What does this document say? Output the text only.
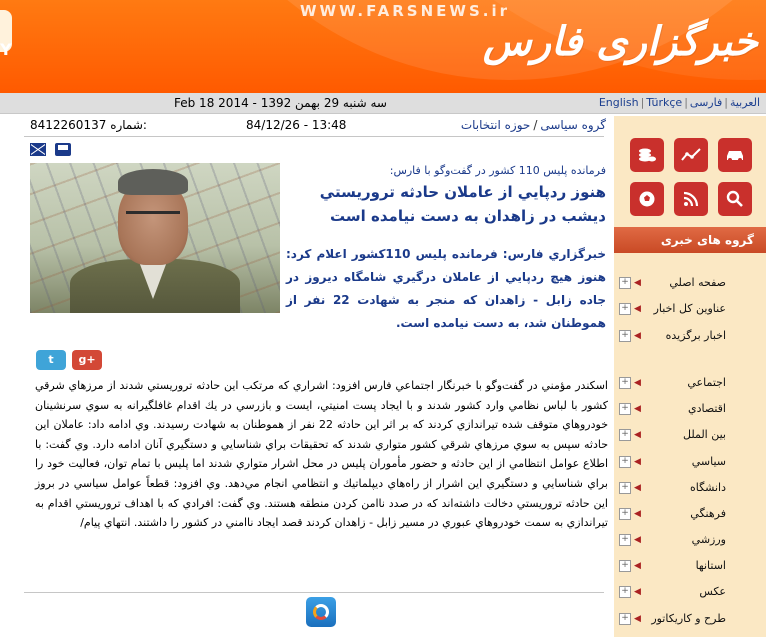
Y
WWW.FARSNEWS.ir
خبرگزاری فارس
سه شنبه 29 بهمن 1392 - 2014 Feb 18	English | Türkçe |	العربية|فارسی
گروه سياسی/حوزه انتخابات
84/12/26 - 13:48
8412260137 شماره:
فرمانده پليس 110 كشور در گفت‌وگو با فارس:
هنوز ردپايي از عاملان حادثه تروريستي ديشب در زاهدان به دست نيامده است
خبرگزاري فارس: فرمانده پليس 110كشور اعلام كرد: هنوز هيچ ردپايي از عاملان درگيري شامگاه ديروز در جاده زابل - زاهدان كه منجر به شهادت 22 نفر از هموطنان شد، به دست نيامده است.
t	g+
اسكندر مؤمني در گفت‌وگو با خبرنگار اجتماعي فارس افزود: اشراري كه مرتكب اين حادثه تروريستي شدند از مرزهاي شرقي كشور با لباس نظامي وارد كشور شدند و با ايجاد پست امنيتي، ايست و بازرسي در يك اقدام غافلگيرانه به سوي سرنشينان خودروهاي متوقف شده تيراندازي كردند كه بر اثر اين حادثه 22 نفر از هموطنان به شهادت رسيدند. وي ادامه داد: عاملان اين حادثه سپس به سوي مرزهاي شرقي كشور متواري شدند كه تحقيقات براي شناسايي و دستگيري آنان ادامه دارد. وي گفت: با اطلاع عوامل انتظامي از اين حادثه و حضور مأموران پليس در محل اشرار متواري شدند اما پليس با تمام توان، فعاليت خود را براي شناسايي و دستگيري اين اشرار از راه‌هاي ديپلماتيك و انتظامي انجام مي‌دهد. وي افزود: قطعاً عوامل سياسي در بروز اين حادثه تروريستي دخالت داشته‌اند كه در صدد ناامن كردن منطقه هستند. وي گفت: افرادي كه با اهداف تروريستي اقدام به تيراندازي به سمت خودروهاي عبوري در مسير زابل - زاهدان كردند قصد ايجاد ناامني در كشور را داشتند. انتهاي پيام/
گروه های خبری
+ ◀	صفحه اصلي
+ ◀ عناوين كل اخبار
+ ◀ اخبار برگزيده
+ ◀	اجتماعي
+ ◀	اقتصادي
+ ◀	بين الملل
+ ◀	سياسي
+ ◀	دانشگاه
+ ◀	فرهنگي
+ ◀	ورزشي
+ ◀	استانها
+ ◀	عكس
+ ◀ طرح و كاريكاتور
